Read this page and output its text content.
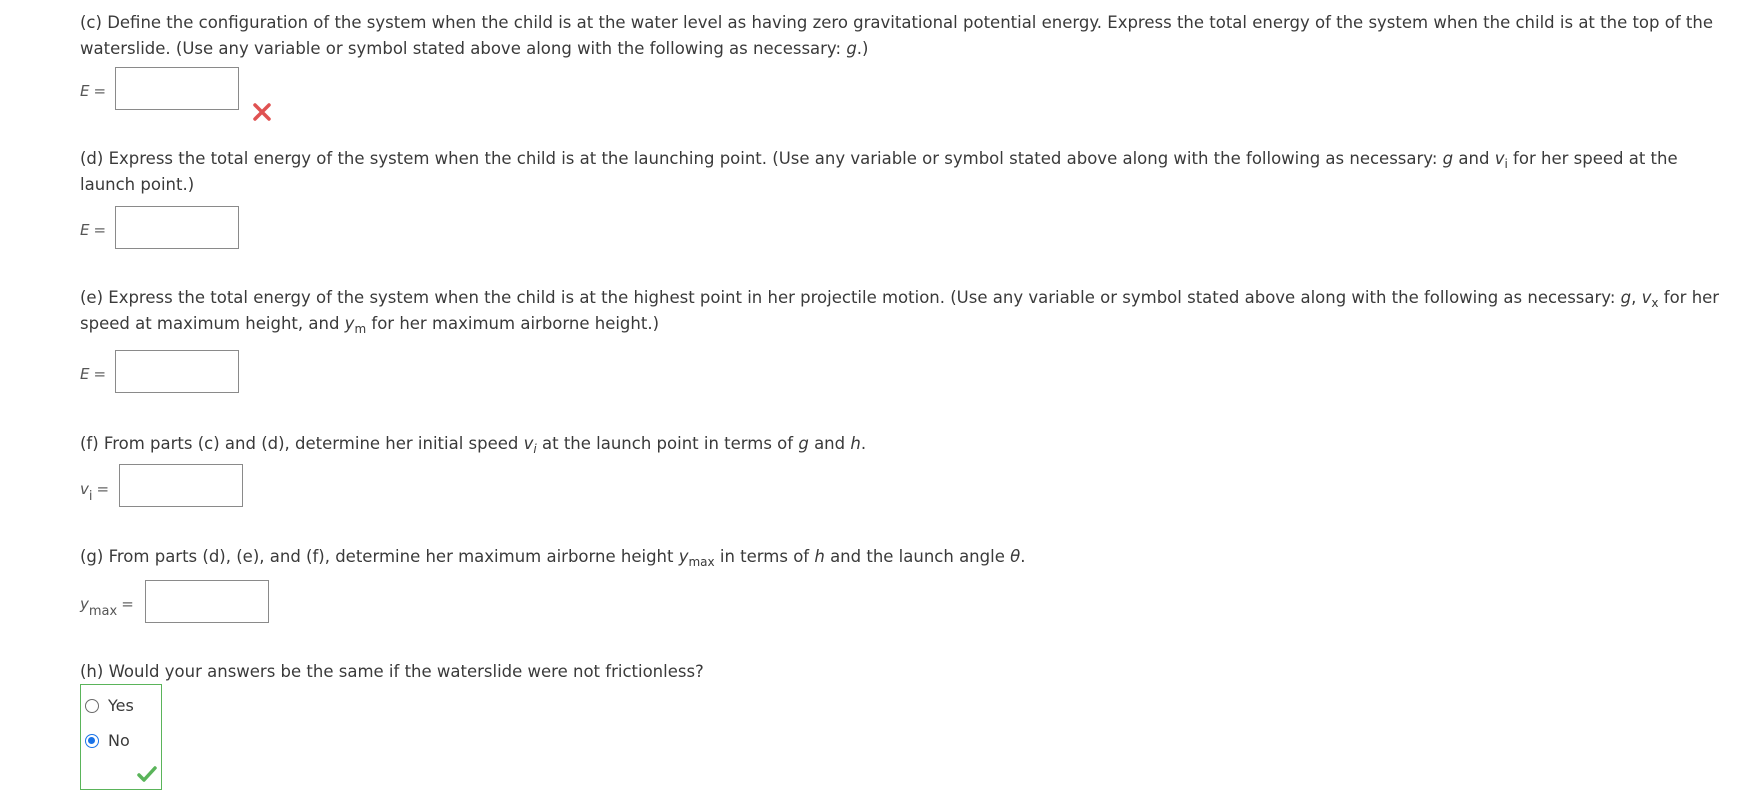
(c) Define the configuration of the system when the child is at the water level as having zero gravitational potential energy. Express the total energy of the system when the child is at the top of the waterslide. (Use any variable or symbol stated above along with the following as necessary: g.)
E =
(d) Express the total energy of the system when the child is at the launching point. (Use any variable or symbol stated above along with the following as necessary: g and $v_i$ for her speed at the launch point.)
E =
(e) Express the total energy of the system when the child is at the highest point in her projectile motion. (Use any variable or symbol stated above along with the following as necessary: g, $v_x$ for her speed at maximum height, and $y_m$ for her maximum airborne height.)
E =
(f) From parts (c) and (d), determine her initial speed $v_i$ at the launch point in terms of g and h.
$v_i$ =
(g) From parts (d), (e), and (f), determine her maximum airborne height $y_{max}$ in terms of h and the launch angle θ.
$y_{max}$ =
(h) Would your answers be the same if the waterslide were not frictionless?
Yes
No
